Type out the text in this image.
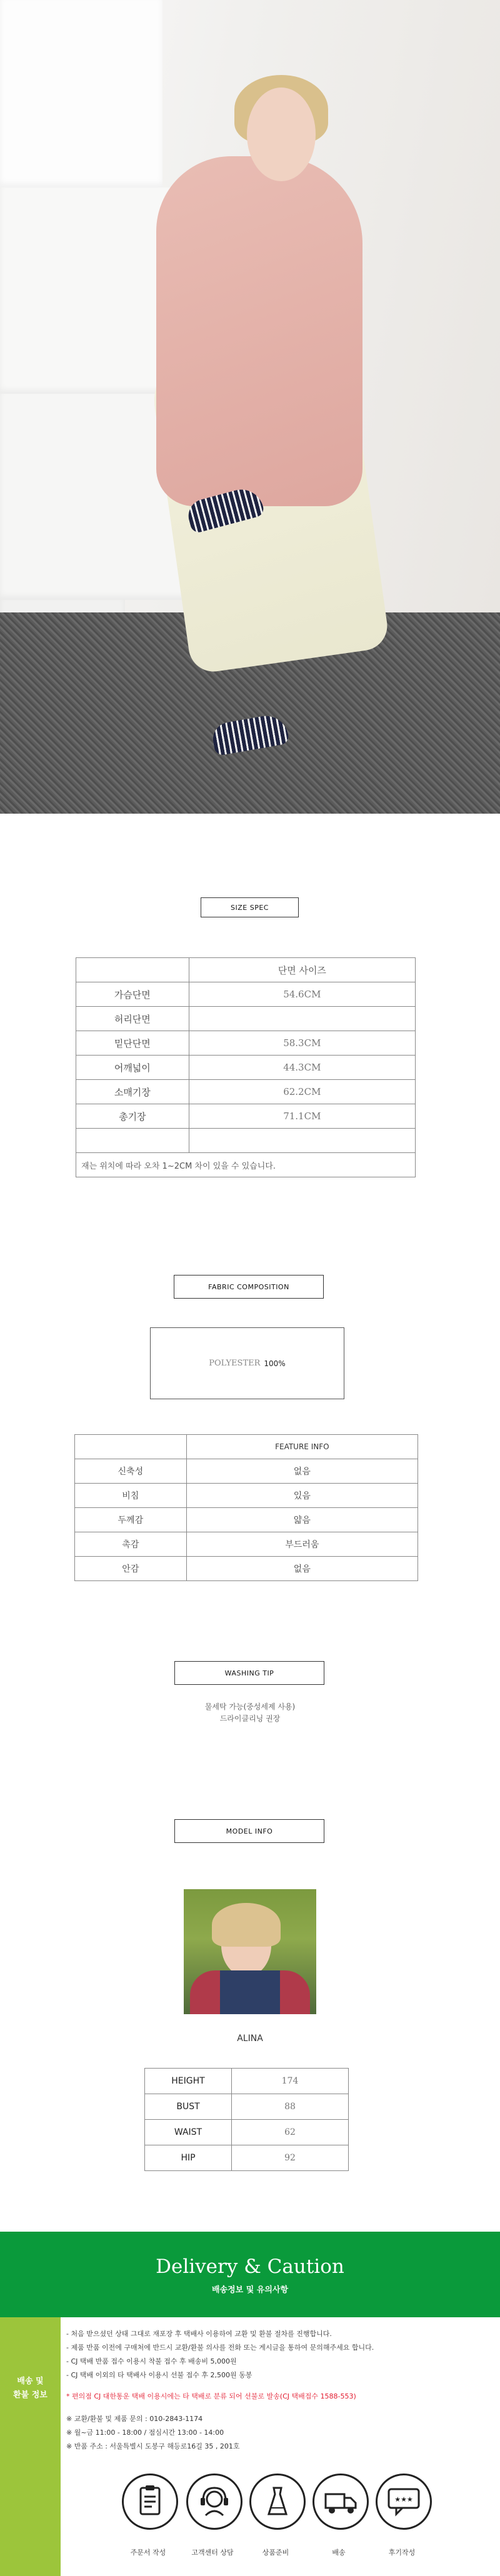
SIZE SPEC
	단면 사이즈
가슴단면	54.6CM
허리단면	
밑단단면	58.3CM
어깨넓이	44.3CM
소매기장	62.2CM
총기장	71.1CM

재는 위치에 따라 오차 1~2CM 차이 있을 수 있습니다.	
FABRIC COMPOSITION
POLYESTER 100%
	FEATURE INFO
신축성	없음
비침	있음
두께감	얇음
촉감	부드러움
안감	없음
WASHING TIP
물세탁 가능(중성세제 사용)
드라이클리닝 권장
MODEL INFO
ALINA
HEIGHT	174
BUST	88
WAIST	62
HIP	92
Delivery & Caution
배송정보 및 유의사항
배송 및
환불 정보
- 처음 받으셨던 상태 그대로 재포장 후 택배사 이용하여 교환 및 환불 절차를 진행합니다.
- 제품 반품 이전에 구매처에 반드시 교환/환불 의사를 전화 또는 게시글을 통하여 문의해주세요 합니다.
- CJ 택배 반품 접수 이용시 착불 접수 후 배송비 5,000원
- CJ 택배 이외의 타 택배사 이용시 선불 접수 후 2,500원 동봉
* 편의점 CJ 대한통운 택배 이용시에는 타 택배로 분류 되어 선불로 발송(CJ 택배접수 1588-553)
※ 교환/환불 및 제품 문의 : 010-2843-1174
※ 월~금 11:00 - 18:00 / 점심시간 13:00 - 14:00
※ 반품 주소 : 서울특별시 도봉구 해등로16길 35 , 201호
주문서 작성	고객센터 상담	상품준비	배송
★★★
후기작성
